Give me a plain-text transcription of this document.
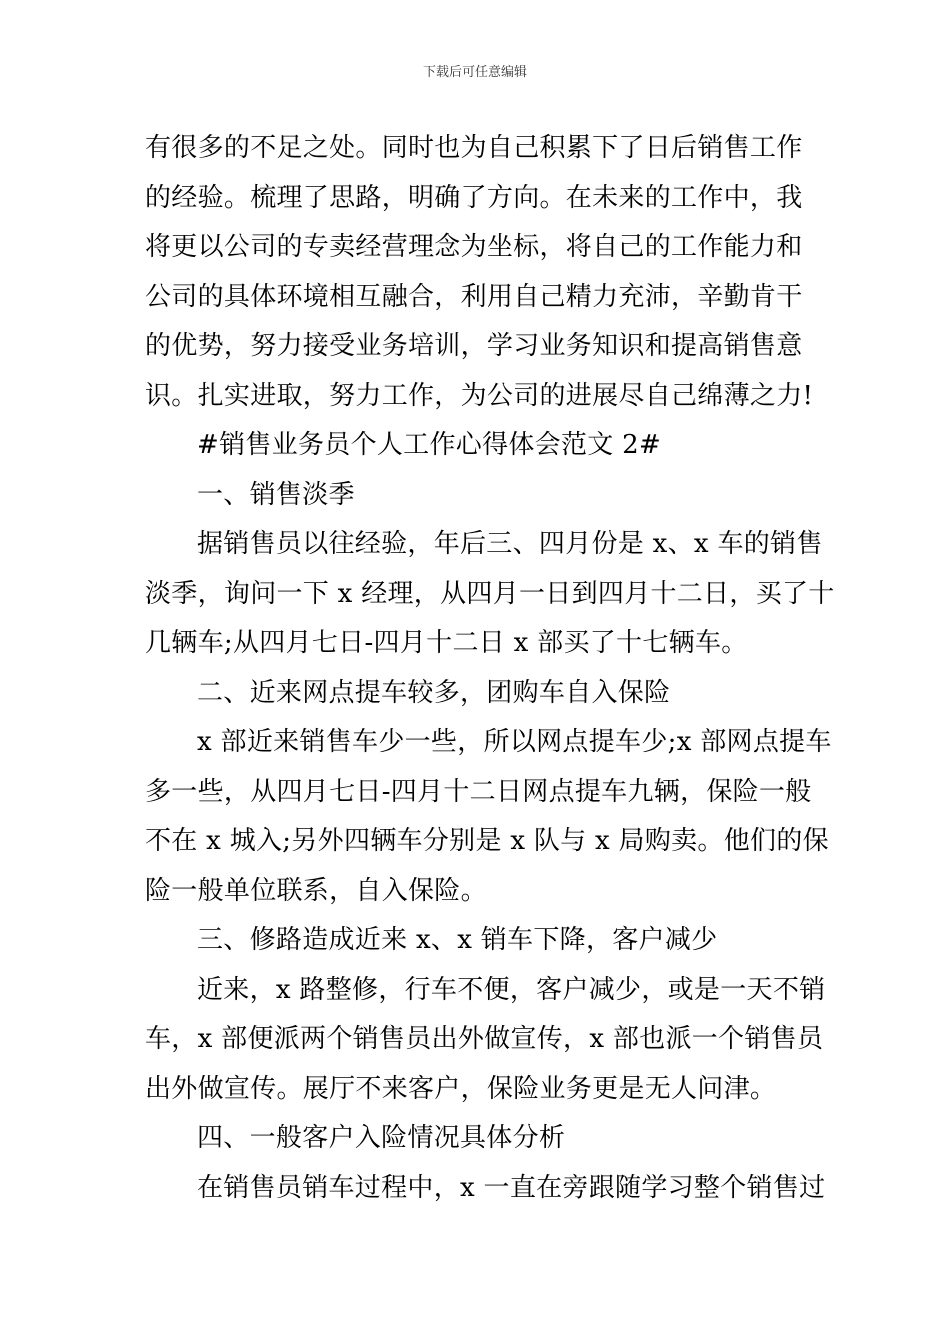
下载后可任意编辑
有很多的不足之处。同时也为自己积累下了日后销售工作
的经验。梳理了思路，明确了方向。在未来的工作中，我
将更以公司的专卖经营理念为坐标，将自己的工作能力和
公司的具体环境相互融合，利用自己精力充沛，辛勤肯干
的优势，努力接受业务培训，学习业务知识和提高销售意
识。扎实进取，努力工作，为公司的进展尽自己绵薄之力!
#销售业务员个人工作心得体会范文 2#
一、销售淡季
据销售员以往经验，年后三、四月份是 x、x 车的销售
淡季，询问一下 x 经理，从四月一日到四月十二日，买了十
几辆车;从四月七日-四月十二日 x 部买了十七辆车。
二、近来网点提车较多，团购车自入保险
x 部近来销售车少一些，所以网点提车少;x 部网点提车
多一些，从四月七日-四月十二日网点提车九辆，保险一般
不在 x 城入;另外四辆车分别是 x 队与 x 局购卖。他们的保
险一般单位联系，自入保险。
三、修路造成近来 x、x 销车下降，客户减少
近来，x 路整修，行车不便，客户减少，或是一天不销
车，x 部便派两个销售员出外做宣传，x 部也派一个销售员
出外做宣传。展厅不来客户，保险业务更是无人问津。
四、一般客户入险情况具体分析
在销售员销车过程中，x 一直在旁跟随学习整个销售过
